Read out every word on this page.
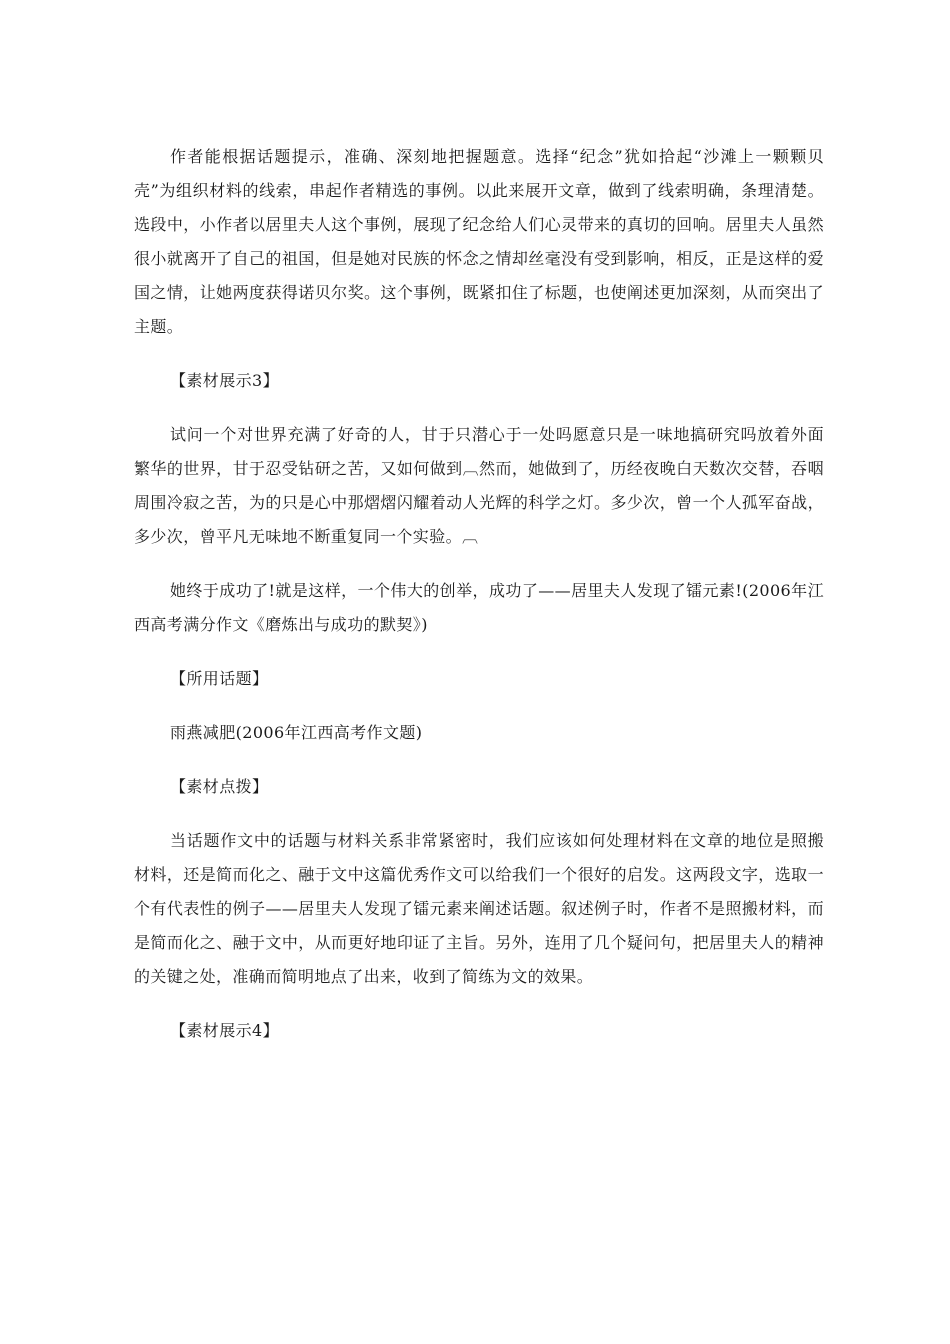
作者能根据话题提示，准确、深刻地把握题意。选择“纪念”犹如拾起“沙滩上一颗颗贝壳”为组织材料的线索，串起作者精选的事例。以此来展开文章，做到了线索明确，条理清楚。选段中，小作者以居里夫人这个事例，展现了纪念给人们心灵带来的真切的回响。居里夫人虽然很小就离开了自己的祖国，但是她对民族的怀念之情却丝毫没有受到影响，相反，正是这样的爱国之情，让她两度获得诺贝尔奖。这个事例，既紧扣住了标题，也使阐述更加深刻，从而突出了主题。

【素材展示3】

试问一个对世界充满了好奇的人，甘于只潜心于一处吗愿意只是一味地搞研究吗放着外面繁华的世界，甘于忍受钻研之苦，又如何做到︹然而，她做到了，历经夜晚白天数次交替，吞咽周围冷寂之苦，为的只是心中那熠熠闪耀着动人光辉的科学之灯。多少次，曾一个人孤军奋战，多少次，曾平凡无味地不断重复同一个实验。︹

她终于成功了!就是这样，一个伟大的创举，成功了——居里夫人发现了镭元素!(2006年江西高考满分作文《磨炼出与成功的默契》)

【所用话题】

雨燕减肥(2006年江西高考作文题)

【素材点拨】

当话题作文中的话题与材料关系非常紧密时，我们应该如何处理材料在文章的地位是照搬材料，还是简而化之、融于文中这篇优秀作文可以给我们一个很好的启发。这两段文字，选取一个有代表性的例子——居里夫人发现了镭元素来阐述话题。叙述例子时，作者不是照搬材料，而是简而化之、融于文中，从而更好地印证了主旨。另外，连用了几个疑问句，把居里夫人的精神的关键之处，准确而简明地点了出来，收到了简练为文的效果。

【素材展示4】
